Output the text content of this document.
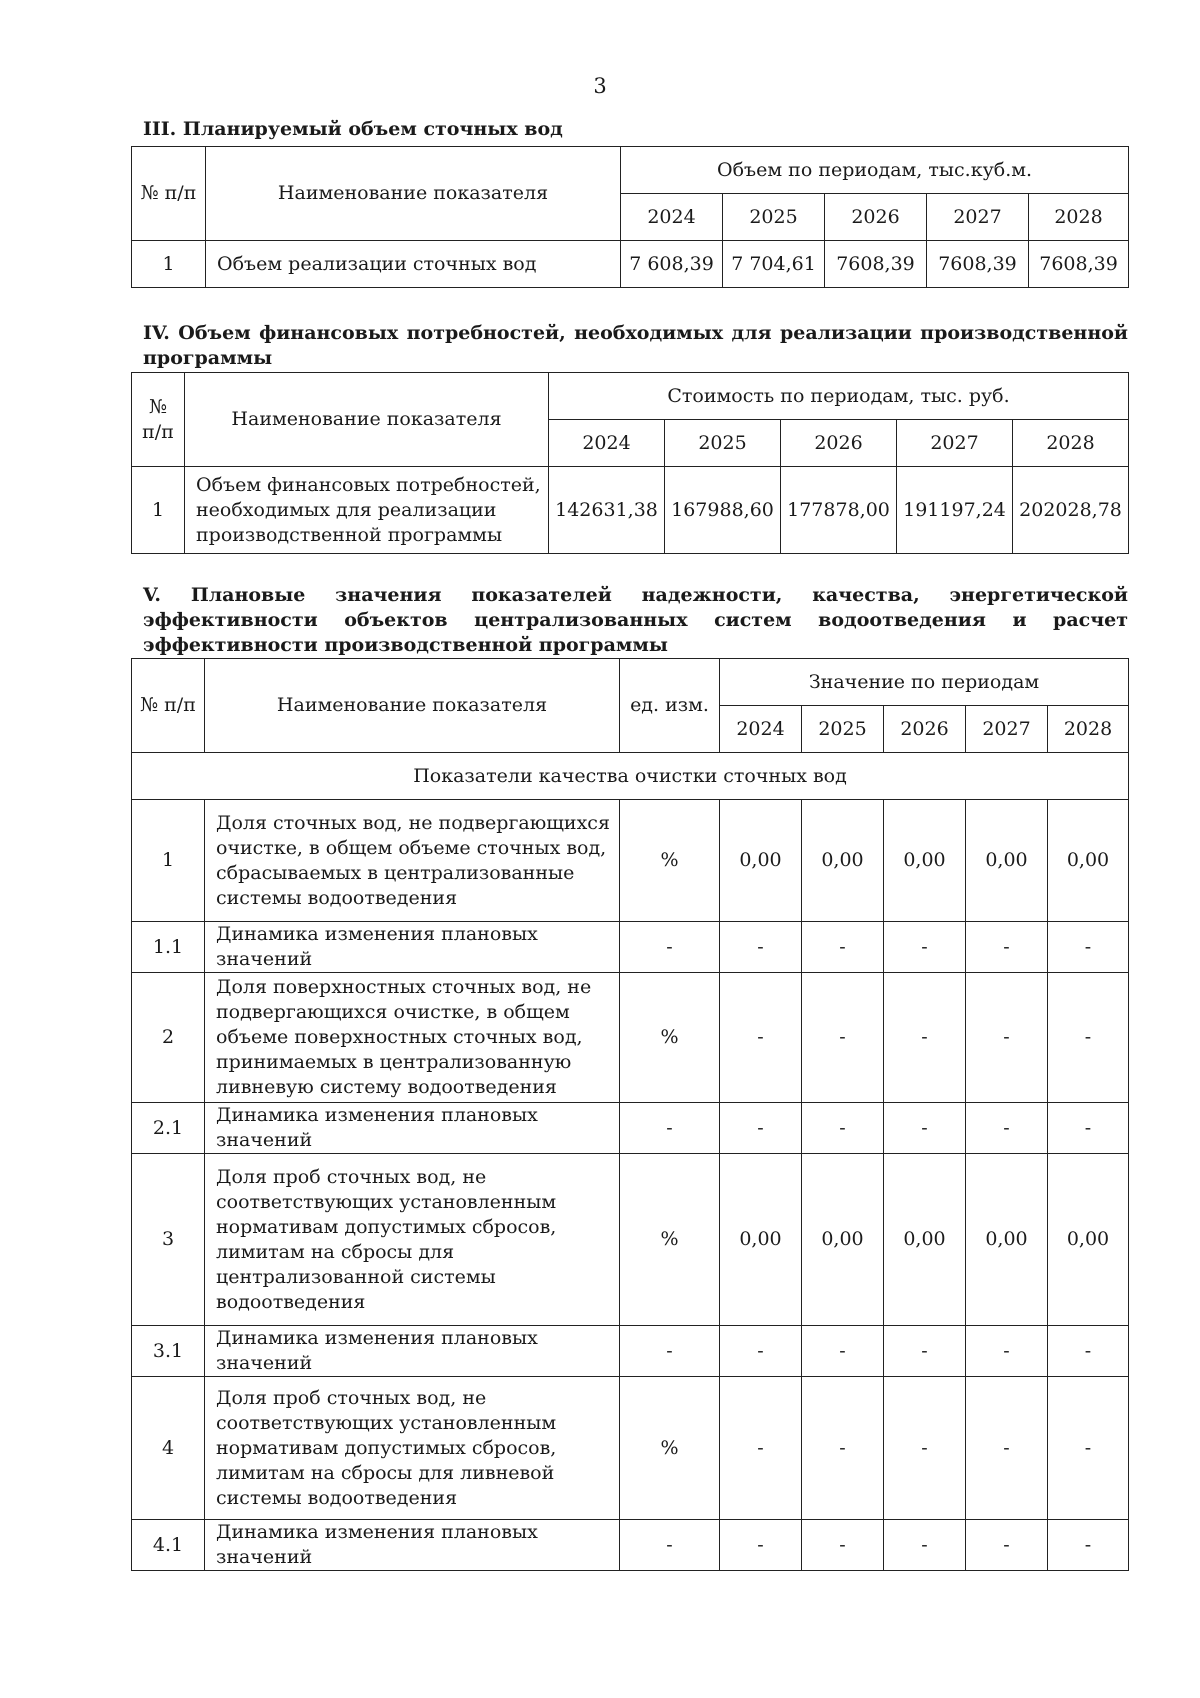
3
III. Планируемый объем сточных вод
№ п/п	Наименование показателя	Объем по периодам, тыс.куб.м.				
		2024	2025	2026	2027	2028
1	Объем реализации сточных вод	7 608,39	7 704,61	7608,39	7608,39	7608,39
IV. Объем финансовых потребностей, необходимых для реализации производственной программы
№ п/п	Наименование показателя	Стоимость по периодам, тыс. руб.				
		2024	2025	2026	2027	2028
1	Объем финансовых потребностей, необходимых для реализации производственной программы	142631,38	167988,60	177878,00	191197,24	202028,78
V. Плановые значения показателей надежности, качества, энергетической эффективности объектов централизованных систем водоотведения и расчет эффективности производственной программы
№ п/п	Наименование показателя	ед. изм.	Значение по периодам				
			2024	2025	2026	2027	2028
Показатели качества очистки сточных вод							
1	Доля сточных вод, не подвергающихся очистке, в общем объеме сточных вод, сбрасываемых в централизованные системы водоотведения	%	0,00	0,00	0,00	0,00	0,00
1.1	Динамика изменения плановых значений	-	-	-	-	-	-
2	Доля поверхностных сточных вод, не подвергающихся очистке, в общем объеме поверхностных сточных вод, принимаемых в централизованную ливневую систему водоотведения	%	-	-	-	-	-
2.1	Динамика изменения плановых значений	-	-	-	-	-	-
3	Доля проб сточных вод, не соответствующих установленным нормативам допустимых сбросов, лимитам на сбросы для централизованной системы водоотведения	%	0,00	0,00	0,00	0,00	0,00
3.1	Динамика изменения плановых значений	-	-	-	-	-	-
4	Доля проб сточных вод, не соответствующих установленным нормативам допустимых сбросов, лимитам на сбросы для ливневой системы водоотведения	%	-	-	-	-	-
4.1	Динамика изменения плановых значений	-	-	-	-	-	-
